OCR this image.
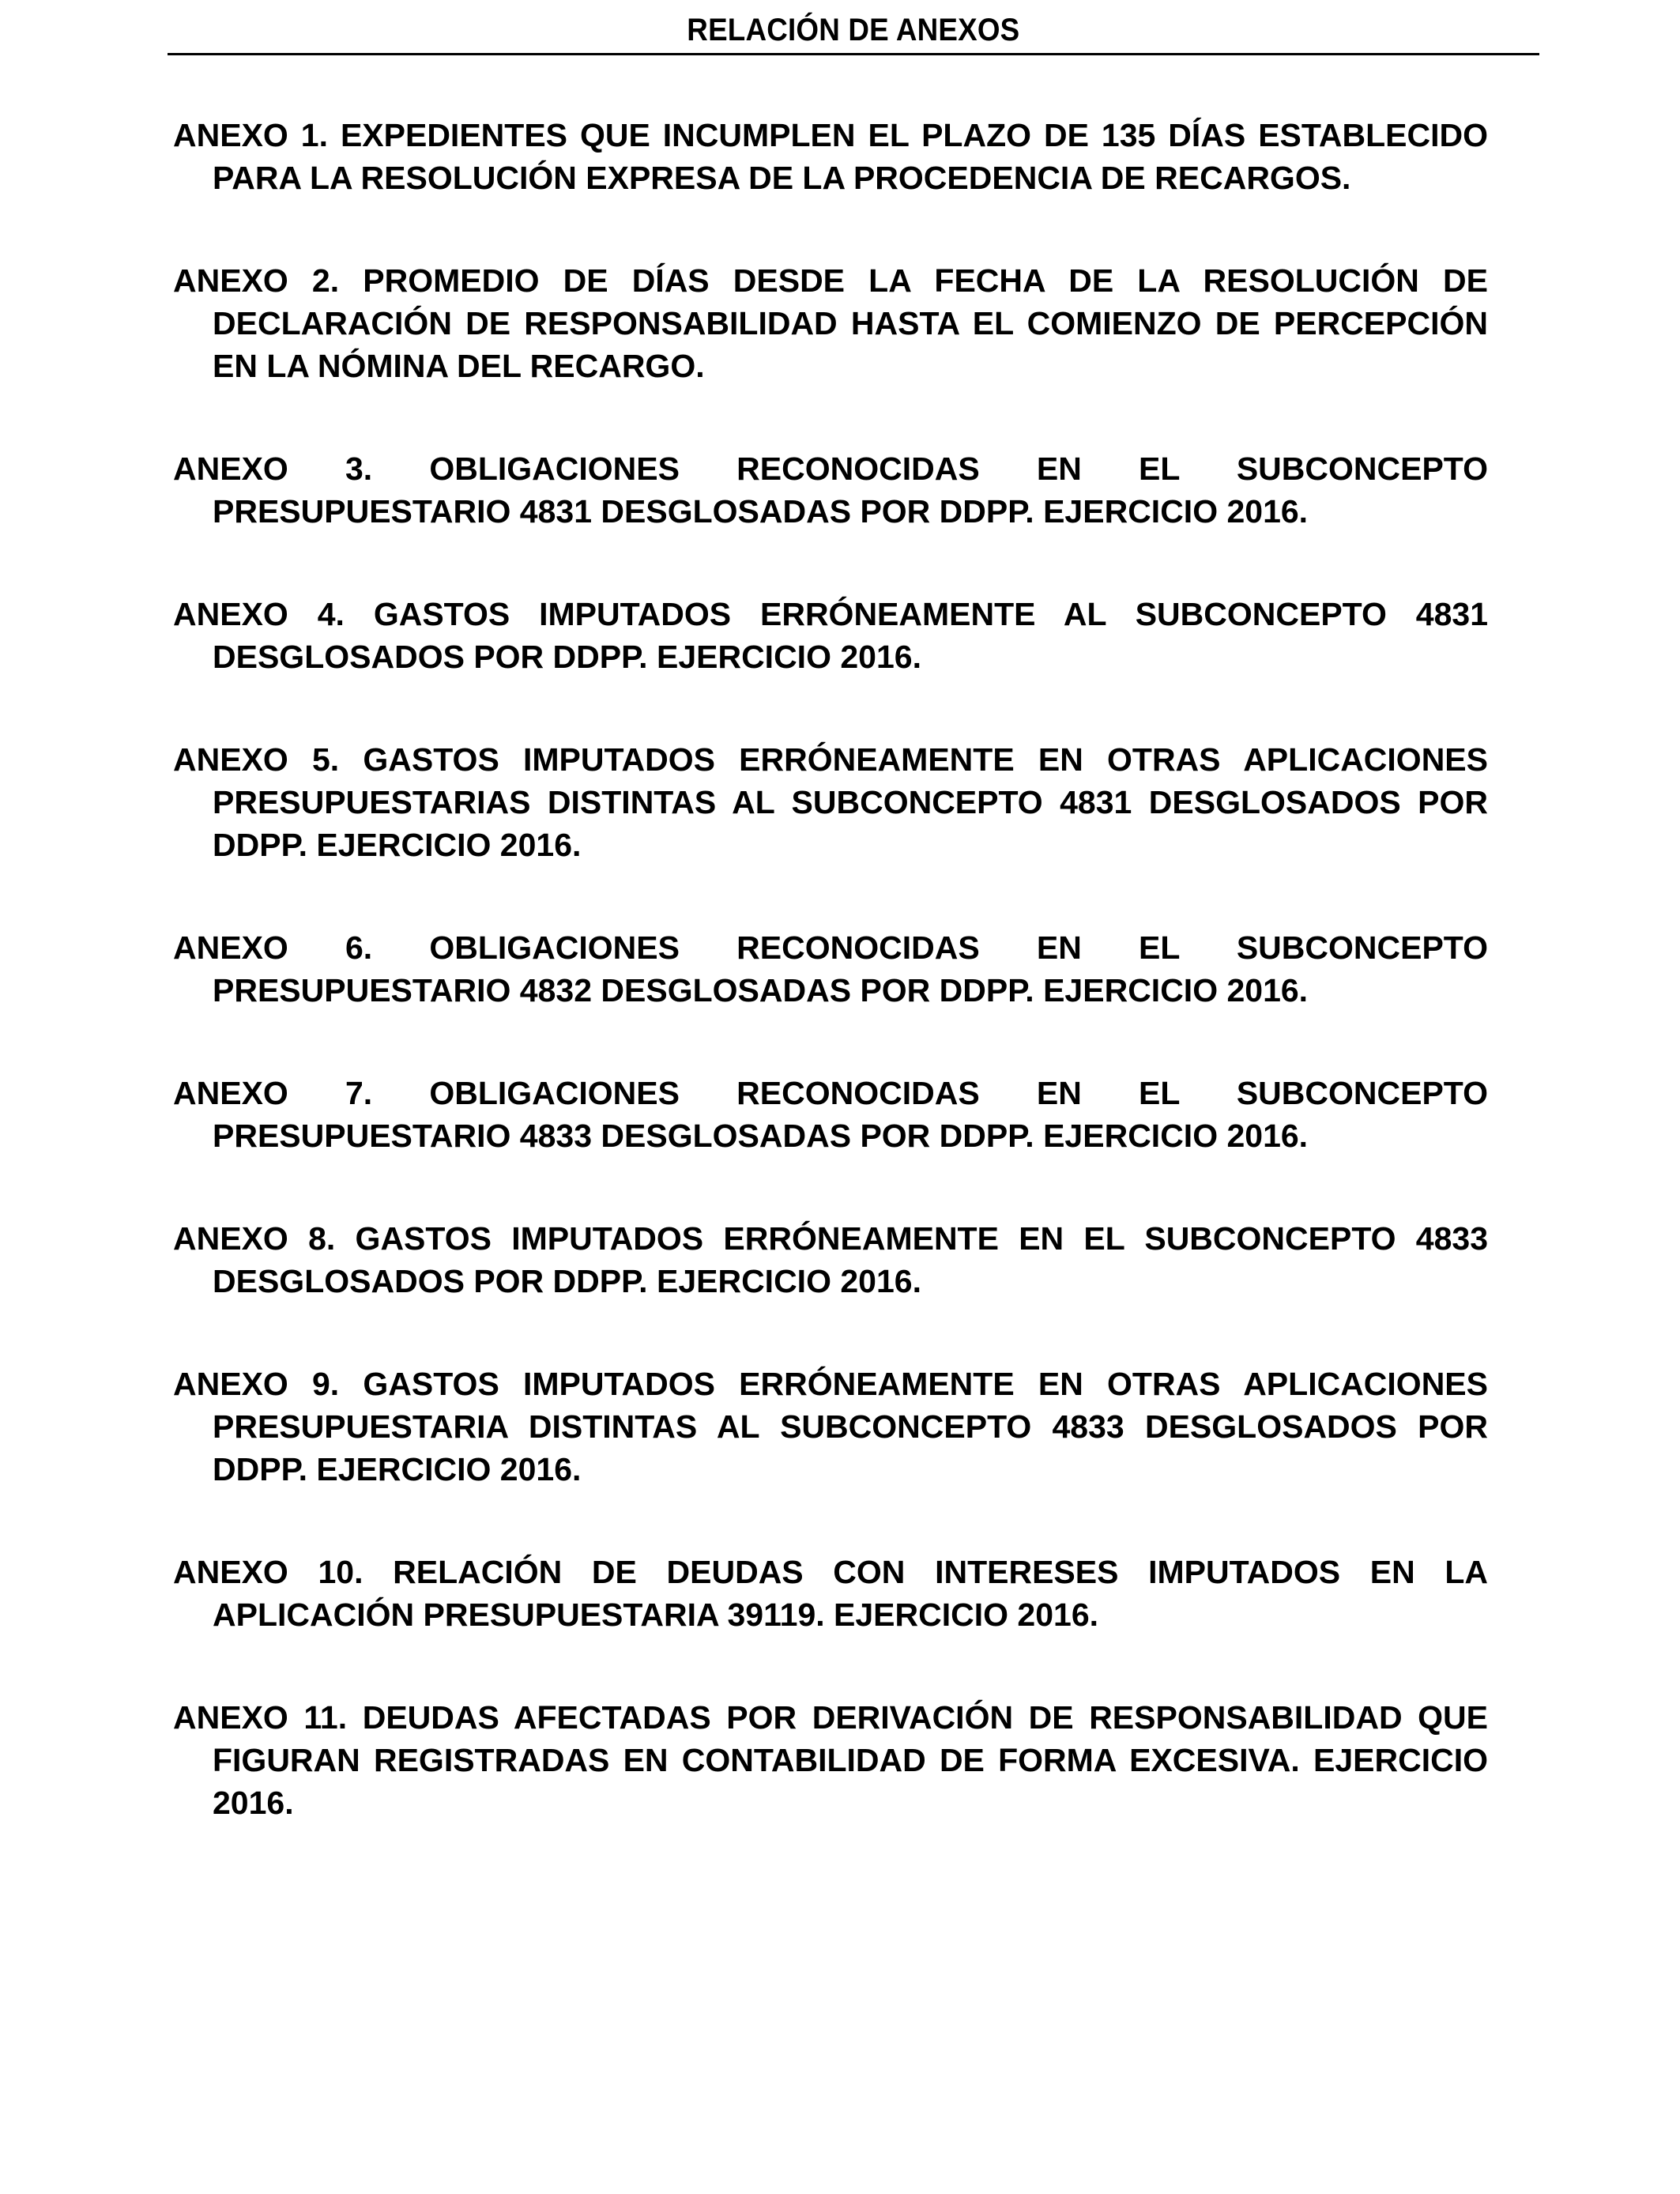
RELACIÓN DE ANEXOS
ANEXO 1. EXPEDIENTES QUE INCUMPLEN EL PLAZO DE 135 DÍAS ESTABLECIDO PARA LA RESOLUCIÓN EXPRESA DE LA PROCEDENCIA DE RECARGOS.
ANEXO 2. PROMEDIO DE DÍAS DESDE LA FECHA DE LA RESOLUCIÓN DE DECLARACIÓN DE RESPONSABILIDAD HASTA EL COMIENZO DE PERCEPCIÓN EN LA NÓMINA DEL RECARGO.
ANEXO 3. OBLIGACIONES RECONOCIDAS EN EL SUBCONCEPTO PRESUPUESTARIO 4831 DESGLOSADAS POR DDPP. EJERCICIO 2016.
ANEXO 4. GASTOS IMPUTADOS ERRÓNEAMENTE AL SUBCONCEPTO 4831 DESGLOSADOS POR DDPP. EJERCICIO 2016.
ANEXO 5. GASTOS IMPUTADOS ERRÓNEAMENTE EN OTRAS APLICACIONES PRESUPUESTARIAS DISTINTAS AL SUBCONCEPTO 4831 DESGLOSADOS POR DDPP. EJERCICIO 2016.
ANEXO 6. OBLIGACIONES RECONOCIDAS EN EL SUBCONCEPTO PRESUPUESTARIO 4832 DESGLOSADAS POR DDPP. EJERCICIO 2016.
ANEXO 7. OBLIGACIONES RECONOCIDAS EN EL SUBCONCEPTO PRESUPUESTARIO 4833 DESGLOSADAS POR DDPP. EJERCICIO 2016.
ANEXO 8. GASTOS IMPUTADOS ERRÓNEAMENTE EN EL SUBCONCEPTO 4833 DESGLOSADOS POR DDPP. EJERCICIO 2016.
ANEXO 9. GASTOS IMPUTADOS ERRÓNEAMENTE EN OTRAS APLICACIONES PRESUPUESTARIA DISTINTAS AL SUBCONCEPTO 4833 DESGLOSADOS POR DDPP. EJERCICIO 2016.
ANEXO 10. RELACIÓN DE DEUDAS CON INTERESES IMPUTADOS EN LA APLICACIÓN PRESUPUESTARIA 39119. EJERCICIO 2016.
ANEXO 11. DEUDAS AFECTADAS POR DERIVACIÓN DE RESPONSABILIDAD QUE FIGURAN REGISTRADAS EN CONTABILIDAD DE FORMA EXCESIVA. EJERCICIO 2016.
